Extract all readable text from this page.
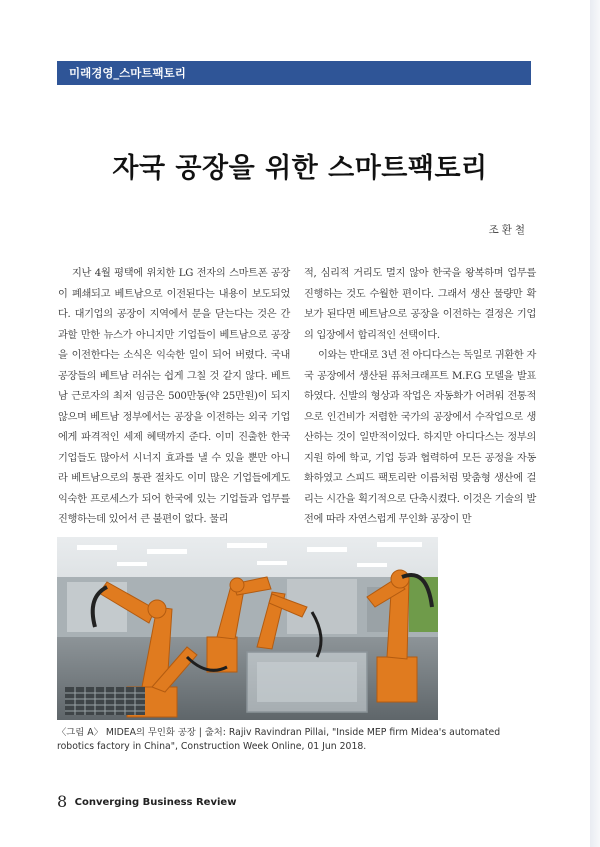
미래경영_스마트팩토리
자국 공장을 위한 스마트팩토리
조환철

지난 4월 평택에 위치한 LG 전자의 스마트폰 공장이 폐쇄되고 베트남으로 이전된다는 내용이 보도되었다. 대기업의 공장이 지역에서 문을 닫는다는 것은 간과할 만한 뉴스가 아니지만 기업들이 베트남으로 공장을 이전한다는 소식은 익숙한 일이 되어 버렸다. 국내 공장들의 베트남 러쉬는 쉽게 그칠 것 같지 않다. 베트남 근로자의 최저 임금은 500만동(약 25만원)이 되지 않으며 베트남 정부에서는 공장을 이전하는 외국 기업에게 파격적인 세제 혜택까지 준다. 이미 진출한 한국기업들도 많아서 시너지 효과를 낼 수 있을 뿐만 아니라 베트남으로의 통관 절차도 이미 많은 기업들에게도 익숙한 프로세스가 되어 한국에 있는 기업들과 업무를 진행하는데 있어서 큰 불편이 없다. 물리

적, 심리적 거리도 멀지 않아 한국을 왕복하며 업무를 진행하는 것도 수월한 편이다. 그래서 생산 물량만 확보가 된다면 베트남으로 공장을 이전하는 결정은 기업의 입장에서 합리적인 선택이다.

이와는 반대로 3년 전 아디다스는 독일로 귀환한 자국 공장에서 생산된 퓨처크래프트 M.F.G 모델을 발표하였다. 신발의 형상과 작업은 자동화가 어려워 전통적으로 인건비가 저렴한 국가의 공장에서 수작업으로 생산하는 것이 일반적이었다. 하지만 아디다스는 정부의 지원 하에 학교, 기업 등과 협력하여 모든 공정을 자동화하였고 스피드 팩토리란 이름처럼 맞춤형 생산에 걸리는 시간을 획기적으로 단축시켰다. 이것은 기술의 발전에 따라 자연스럽게 무인화 공장이 만

〈그림 A〉 MIDEA의 무인화 공장 | 출처: Rajiv Ravindran Pillai, "Inside MEP firm Midea's automated robotics factory in China", Construction Week Online, 01 Jun 2018.
8 Converging Business Review
